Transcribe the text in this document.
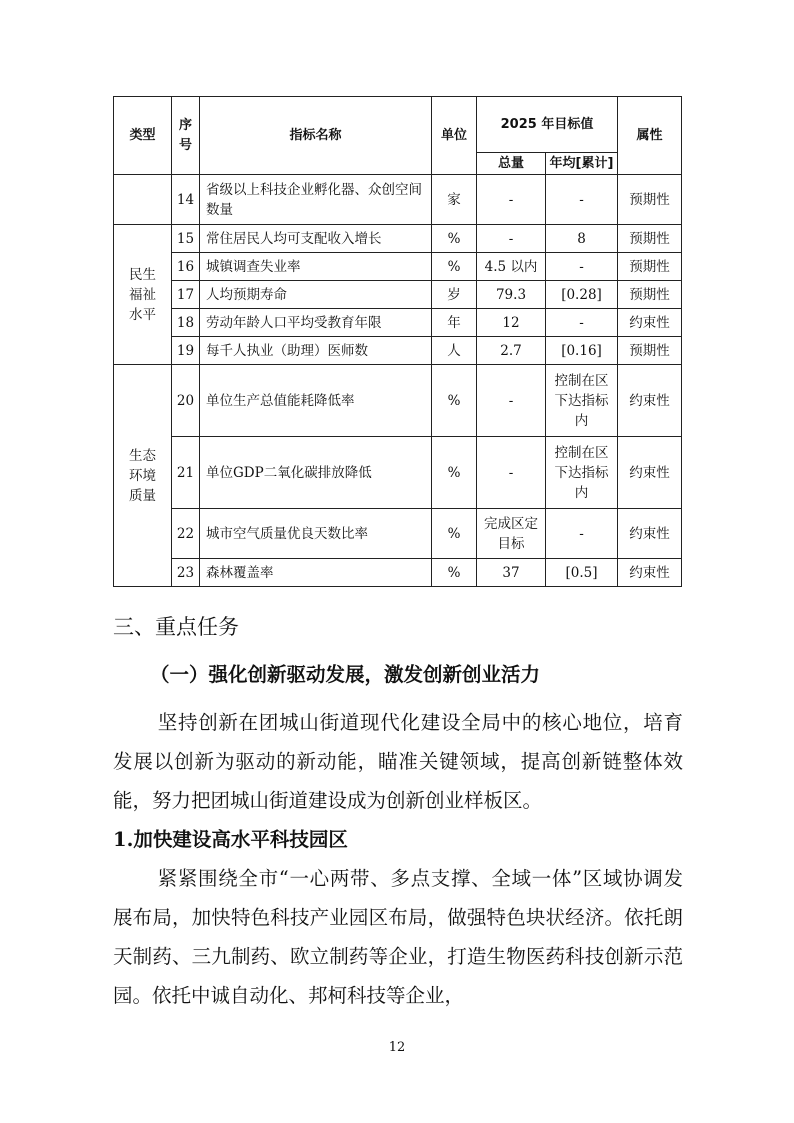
类型	序号	指标名称	单位	2025 年目标值		属性
				总量	年均[累计]	
	14	省级以上科技企业孵化器、众创空间数量	家	-	-	预期性
民生福祉水平	15	常住居民人均可支配收入增长	%	-	8	预期性
	16	城镇调查失业率	%	4.5 以内	-	预期性
	17	人均预期寿命	岁	79.3	[0.28]	预期性
	18	劳动年龄人口平均受教育年限	年	12	-	约束性
	19	每千人执业（助理）医师数	人	2.7	[0.16]	预期性
生态环境质量	20	单位生产总值能耗降低率	%	-	控制在区下达指标内	约束性
	21	单位GDP二氧化碳排放降低	%	-	控制在区下达指标内	约束性
	22	城市空气质量优良天数比率	%	完成区定目标	-	约束性
	23	森林覆盖率	%	37	[0.5]	约束性
三、重点任务
（一）强化创新驱动发展，激发创新创业活力

坚持创新在团城山街道现代化建设全局中的核心地位，培育发展以创新为驱动的新动能，瞄准关键领域，提高创新链整体效能，努力把团城山街道建设成为创新创业样板区。

1.加快建设高水平科技园区

紧紧围绕全市“一心两带、多点支撑、全域一体”区域协调发展布局，加快特色科技产业园区布局，做强特色块状经济。依托朗天制药、三九制药、欧立制药等企业，打造生物医药科技创新示范园。依托中诚自动化、邦柯科技等企业，

12
